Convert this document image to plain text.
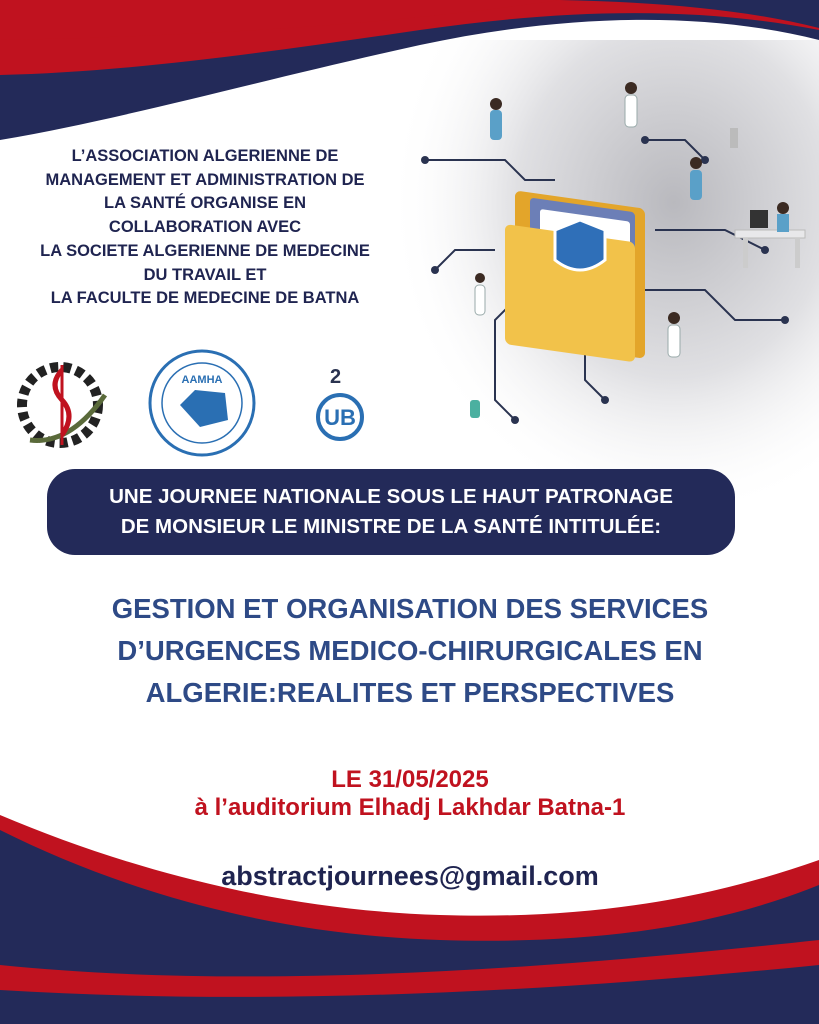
L’ASSOCIATION ALGERIENNE DE
MANAGEMENT ET ADMINISTRATION DE
LA SANTÉ ORGANISE EN
COLLABORATION AVEC
LA SOCIETE ALGERIENNE DE MEDECINE
DU TRAVAIL ET
LA FACULTE DE MEDECINE DE BATNA
AAMHA
UB
2
UNE JOURNEE NATIONALE SOUS LE HAUT PATRONAGE
DE MONSIEUR LE MINISTRE DE LA SANTÉ INTITULÉE:
GESTION ET ORGANISATION DES SERVICES
D’URGENCES MEDICO-CHIRURGICALES EN
ALGERIE:REALITES ET PERSPECTIVES
LE 31/05/2025
à l’auditorium Elhadj Lakhdar Batna-1
abstractjournees@gmail.com
